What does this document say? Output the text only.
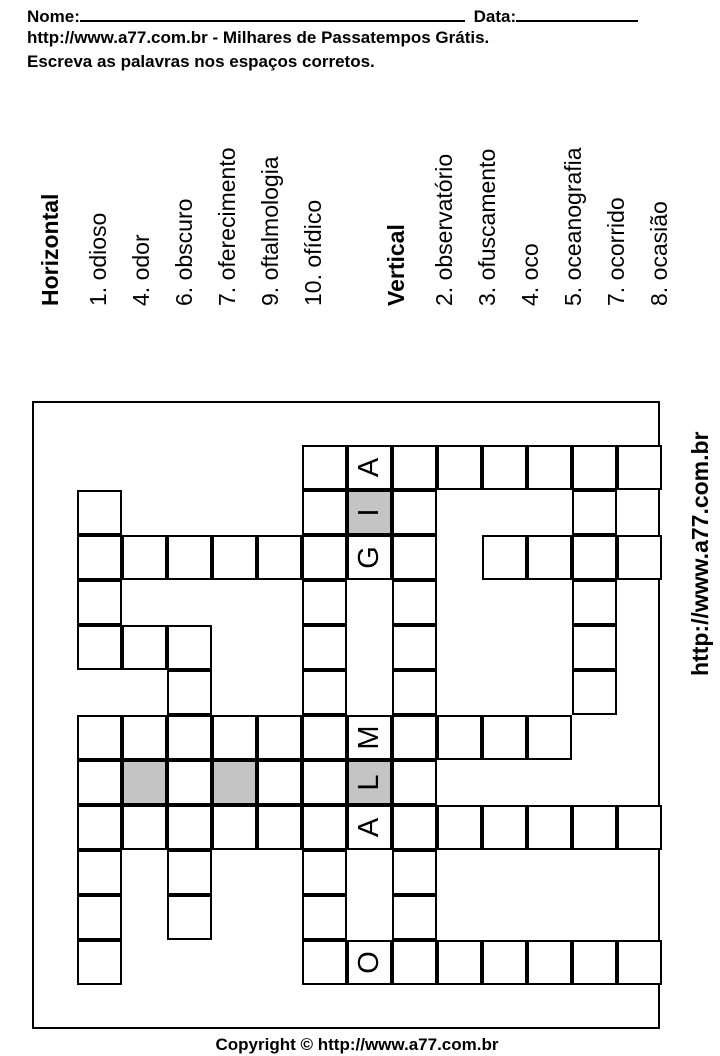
Nome:	Data:
http://www.a77.com.br - Milhares de Passatempos Grátis.
Escreva as palavras nos espaços corretos.
Horizontal 1. odioso 4. odor 6. obscuro 7. oferecimento 9. oftalmologia 10. ofídico Vertical 2. observatório 3. ofuscamento 4. oco 5. oceanografia 7. ocorrido 8. ocasião
http://www.a77.com.br
Copyright © http://www.a77.com.br
A
I
G
M
L
A
O
